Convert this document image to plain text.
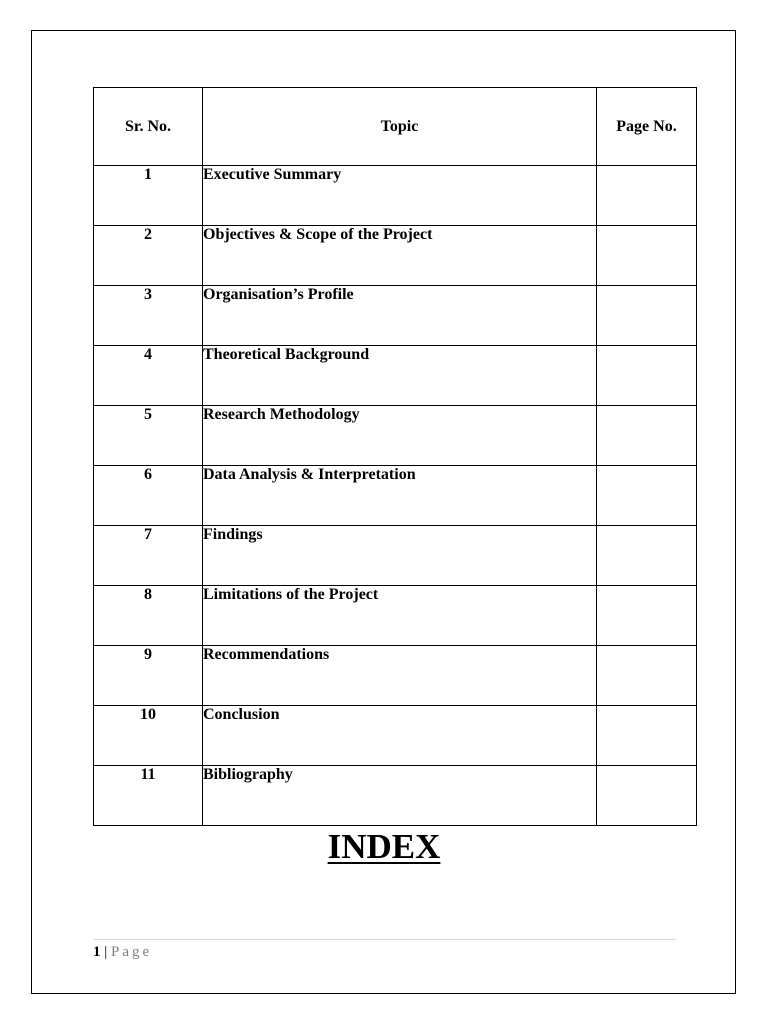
Sr. No.	Topic	Page No.
1	Executive Summary	
2	Objectives & Scope of the Project	
3	Organisation’s Profile	
4	Theoretical Background	
5	Research Methodology	
6	Data Analysis & Interpretation	
7	Findings	
8	Limitations of the Project	
9	Recommendations	
10	Conclusion	
11	Bibliography	
INDEX
1 | Page
